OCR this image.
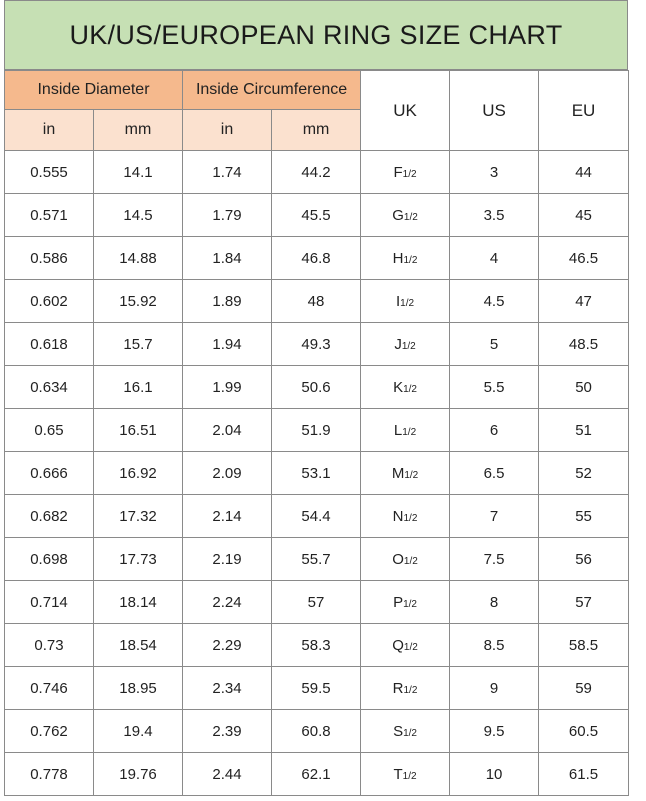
UK/US/EUROPEAN RING SIZE CHART
Inside Diameter		Inside Circumference		UK	US	EU
in	mm	in	mm			
0.555	14.1	1.74	44.2	F1/2	3	44
0.571	14.5	1.79	45.5	G1/2	3.5	45
0.586	14.88	1.84	46.8	H1/2	4	46.5
0.602	15.92	1.89	48	I1/2	4.5	47
0.618	15.7	1.94	49.3	J1/2	5	48.5
0.634	16.1	1.99	50.6	K1/2	5.5	50
0.65	16.51	2.04	51.9	L1/2	6	51
0.666	16.92	2.09	53.1	M1/2	6.5	52
0.682	17.32	2.14	54.4	N1/2	7	55
0.698	17.73	2.19	55.7	O1/2	7.5	56
0.714	18.14	2.24	57	P1/2	8	57
0.73	18.54	2.29	58.3	Q1/2	8.5	58.5
0.746	18.95	2.34	59.5	R1/2	9	59
0.762	19.4	2.39	60.8	S1/2	9.5	60.5
0.778	19.76	2.44	62.1	T1/2	10	61.5
